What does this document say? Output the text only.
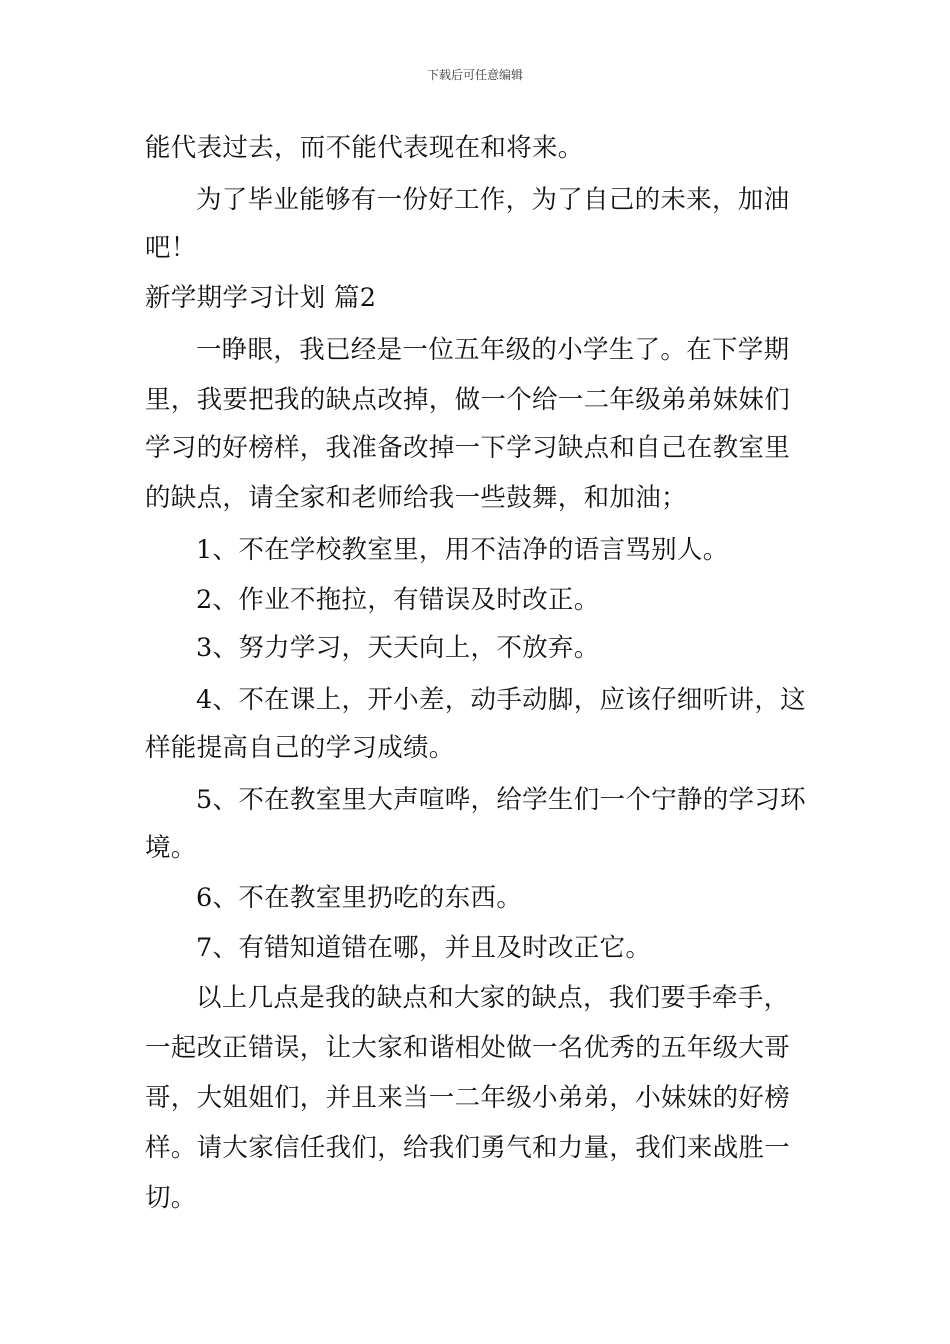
下载后可任意编辑
能代表过去，而不能代表现在和将来。
为了毕业能够有一份好工作，为了自己的未来，加油
吧！
新学期学习计划 篇2
一睁眼，我已经是一位五年级的小学生了。在下学期
里，我要把我的缺点改掉，做一个给一二年级弟弟妹妹们
学习的好榜样，我准备改掉一下学习缺点和自己在教室里
的缺点，请全家和老师给我一些鼓舞，和加油；
1、不在学校教室里，用不洁净的语言骂别人。
2、作业不拖拉，有错误及时改正。
3、努力学习，天天向上，不放弃。
4、不在课上，开小差，动手动脚，应该仔细听讲，这
样能提高自己的学习成绩。
5、不在教室里大声喧哗，给学生们一个宁静的学习环
境。
6、不在教室里扔吃的东西。
7、有错知道错在哪，并且及时改正它。
以上几点是我的缺点和大家的缺点，我们要手牵手，
一起改正错误，让大家和谐相处做一名优秀的五年级大哥
哥，大姐姐们，并且来当一二年级小弟弟，小妹妹的好榜
样。请大家信任我们，给我们勇气和力量，我们来战胜一
切。
